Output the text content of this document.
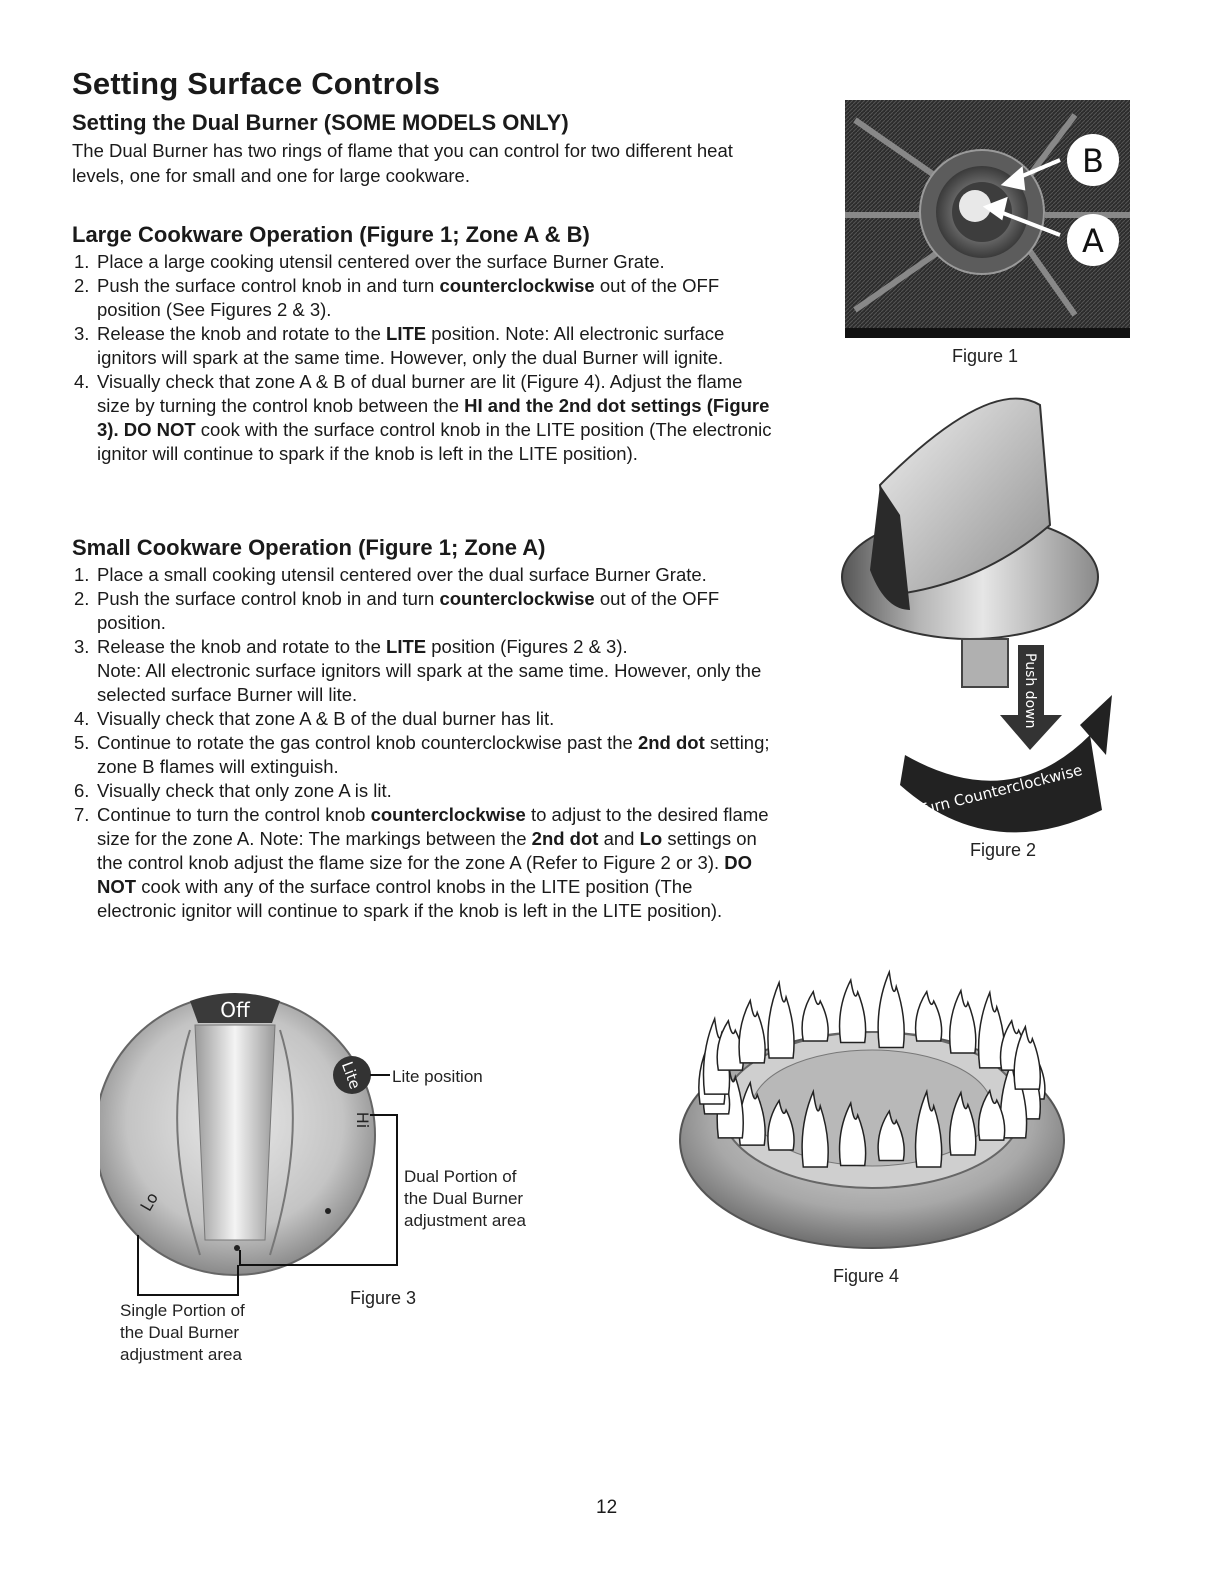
Setting Surface Controls
Setting the Dual Burner (SOME MODELS ONLY)

The Dual Burner has two rings of flame that you can control for two different heat levels, one for small and one for large cookware.

Large Cookware Operation (Figure 1; Zone A & B)
1. Place a large cooking utensil centered over the surface Burner Grate.
2. Push the surface control knob in and turn counterclockwise out of the OFF position (See Figures 2 & 3).
3. Release the knob and rotate to the LITE position. Note: All electronic surface ignitors will spark at the same time. However, only the dual Burner will ignite.
4. Visually check that zone A & B of dual burner are lit (Figure 4). Adjust the flame size by turning the control knob between the HI and the 2nd dot settings (Figure 3). DO NOT cook with the surface control knob in the LITE position (The electronic ignitor will continue to spark if the knob is left in the LITE position).
Small Cookware Operation (Figure 1; Zone A)
1. Place a small cooking utensil centered over the dual surface Burner Grate.
2. Push the surface control knob in and turn counterclockwise out of the OFF position.
3. Release the knob and rotate to the LITE position (Figures 2 & 3).
Note: All electronic surface ignitors will spark at the same time. However, only the selected surface Burner will lite.
4. Visually check that zone A & B of the dual burner has lit.
5. Continue to rotate the gas control knob counterclockwise past the 2nd dot setting; zone B flames will extinguish.
6. Visually check that only zone A is lit.
7. Continue to turn the control knob counterclockwise to adjust to the desired flame size for the zone A. Note: The markings between the 2nd dot and Lo settings on the control knob adjust the flame size for the zone A (Refer to Figure 2 or 3). DO NOT cook with any of the surface control knobs in the LITE position (The electronic ignitor will continue to spark if the knob is left in the LITE position).
B
A
Figure 1
Push down
Turn Counterclockwise
Figure 2
Off
Lite
Hi
Lo
Lite position
Dual Portion of
the Dual Burner
adjustment area
Single Portion of
the Dual Burner
adjustment area
Figure 3
Figure 4
12
